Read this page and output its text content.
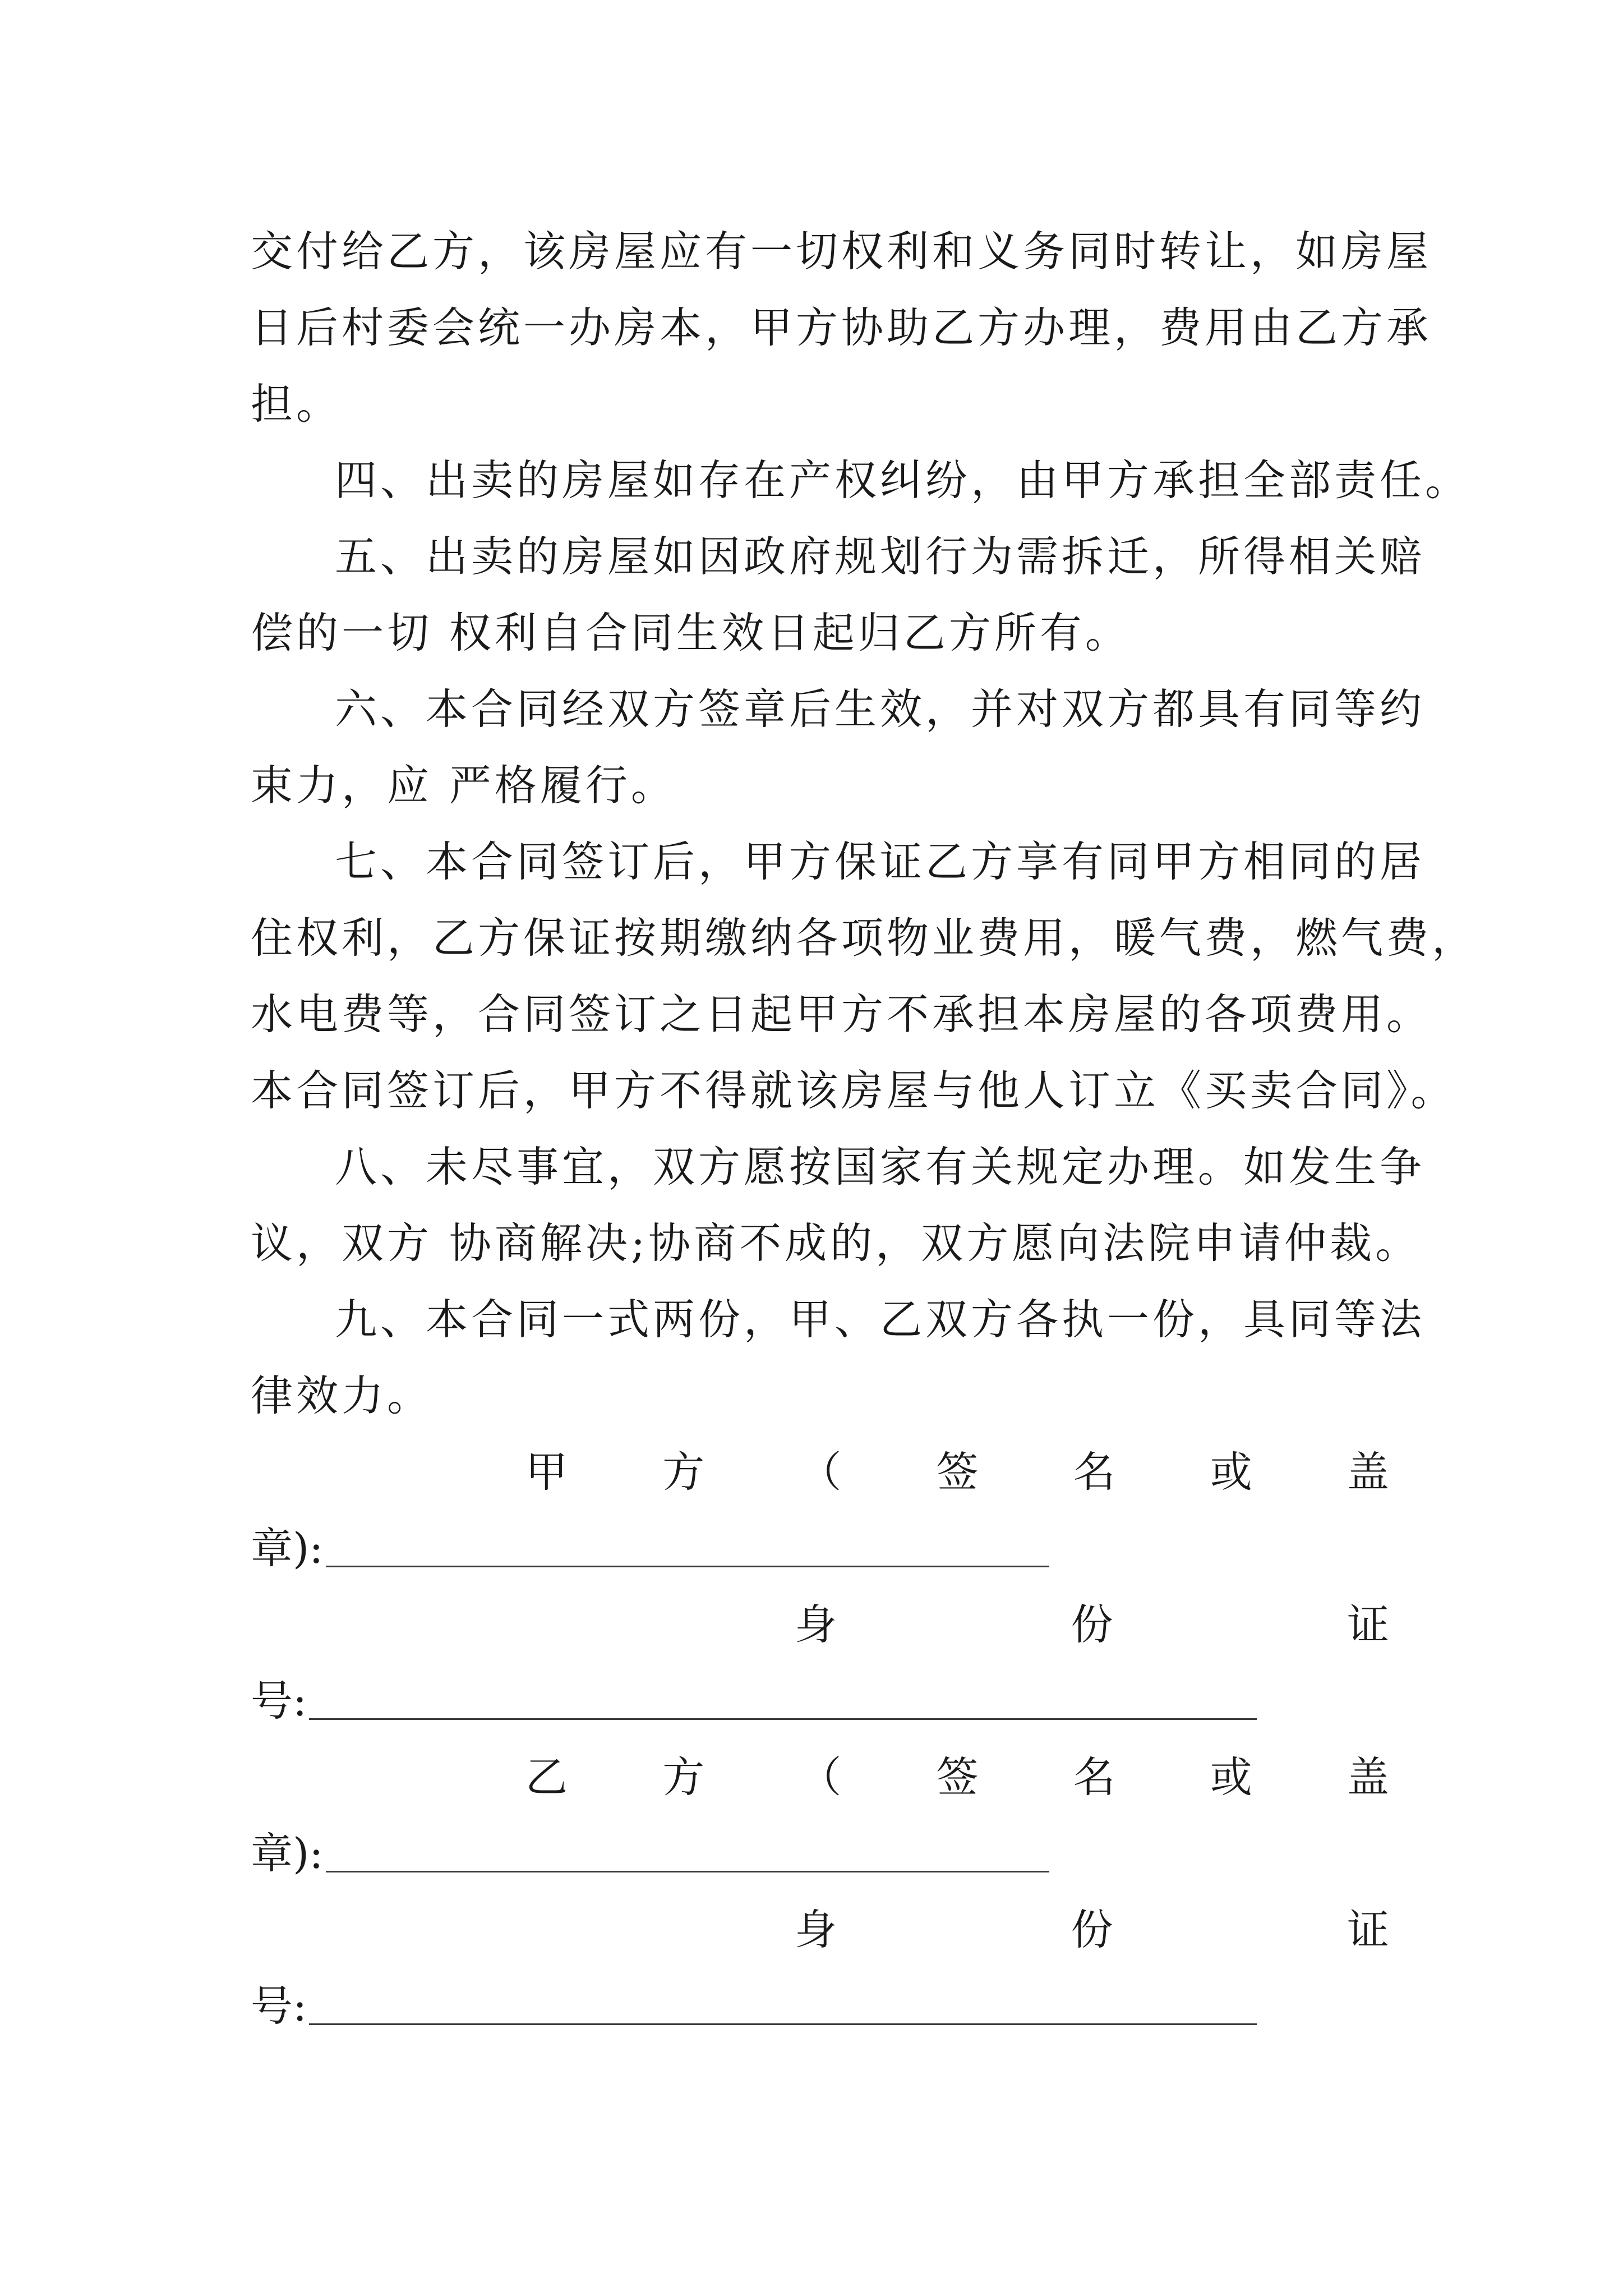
交付给乙方，该房屋应有一切权利和义务同时转让，如房屋
日后村委会统一办房本，甲方协助乙方办理，费用由乙方承
担。
四、出卖的房屋如存在产权纠纷，由甲方承担全部责任。
五、出卖的房屋如因政府规划行为需拆迁，所得相关赔
偿的一切 权利自合同生效日起归乙方所有。
六、本合同经双方签章后生效，并对双方都具有同等约
束力，应 严格履行。
七、本合同签订后，甲方保证乙方享有同甲方相同的居
住权利，乙方保证按期缴纳各项物业费用，暖气费，燃气费，
水电费等，合同签订之日起甲方不承担本房屋的各项费用。
本合同签订后，甲方不得就该房屋与他人订立《买卖合同》。
八、未尽事宜，双方愿按国家有关规定办理。如发生争
议，双方 协商解决;协商不成的，双方愿向法院申请仲裁。
九、本合同一式两份，甲、乙双方各执一份，具同等法
律效力。
甲 方 （ 签 名 或 盖
章):
身	份	证
号:
乙 方 （ 签 名 或 盖
章):
身	份	证
号:
